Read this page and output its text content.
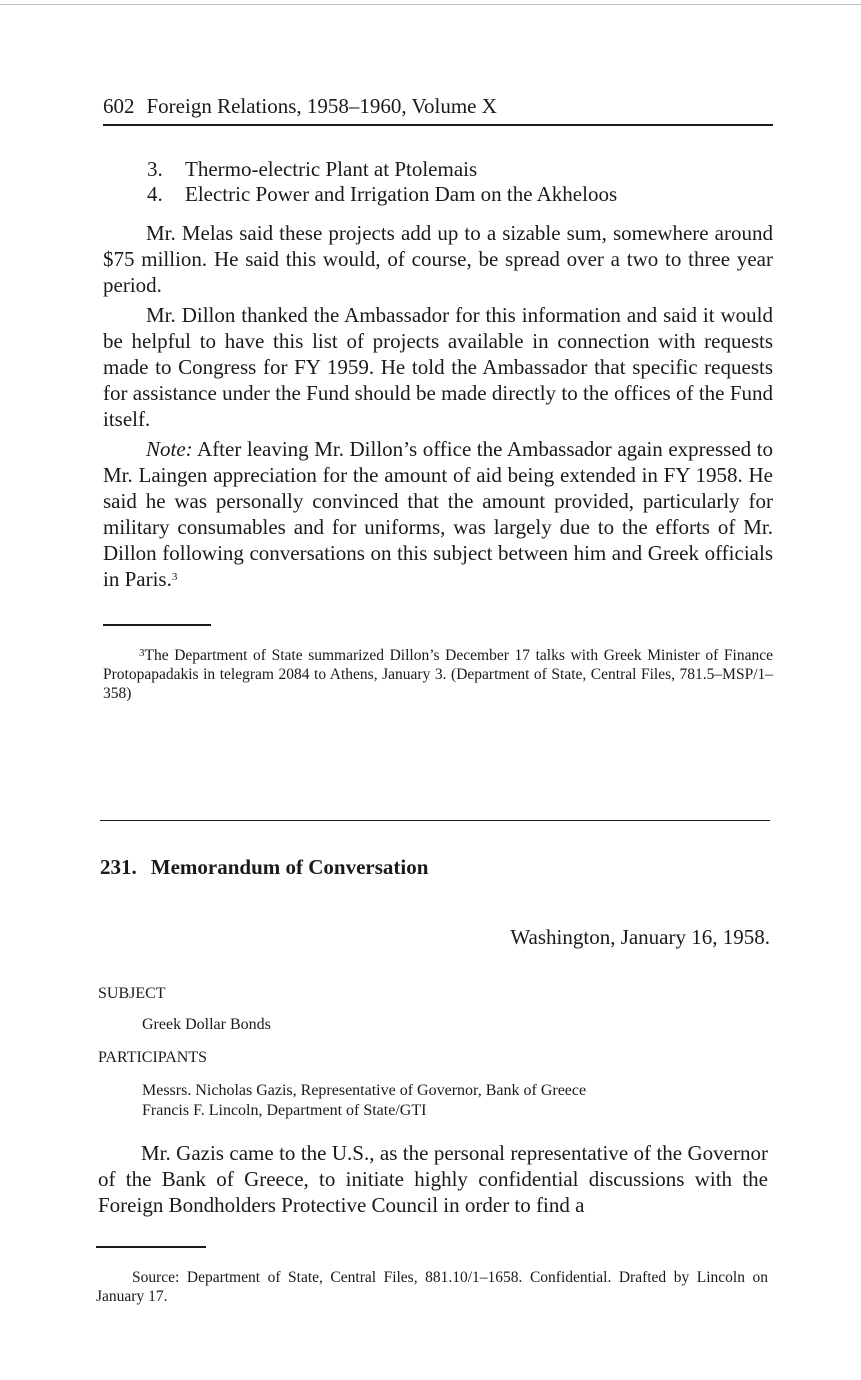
602 Foreign Relations, 1958–1960, Volume X
3. Thermo-electric Plant at Ptolemais
4. Electric Power and Irrigation Dam on the Akheloos

Mr. Melas said these projects add up to a sizable sum, somewhere around $75 million. He said this would, of course, be spread over a two to three year period.

Mr. Dillon thanked the Ambassador for this information and said it would be helpful to have this list of projects available in connection with requests made to Congress for FY 1959. He told the Ambassador that specific requests for assistance under the Fund should be made directly to the offices of the Fund itself.

Note: After leaving Mr. Dillon’s office the Ambassador again expressed to Mr. Laingen appreciation for the amount of aid being extended in FY 1958. He said he was personally convinced that the amount provided, particularly for military consumables and for uniforms, was largely due to the efforts of Mr. Dillon following conversations on this subject between him and Greek officials in Paris.$^3$

$^3$The Department of State summarized Dillon’s December 17 talks with Greek Minister of Finance Protopapadakis in telegram 2084 to Athens, January 3. (Department of State, Central Files, 781.5–MSP/1–358)

231. Memorandum of Conversation
Washington, January 16, 1958.
SUBJECT
Greek Dollar Bonds
PARTICIPANTS
Messrs. Nicholas Gazis, Representative of Governor, Bank of Greece
Francis F. Lincoln, Department of State/GTI

Mr. Gazis came to the U.S., as the personal representative of the Governor of the Bank of Greece, to initiate highly confidential discussions with the Foreign Bondholders Protective Council in order to find a

Source: Department of State, Central Files, 881.10/1–1658. Confidential. Drafted by Lincoln on January 17.
